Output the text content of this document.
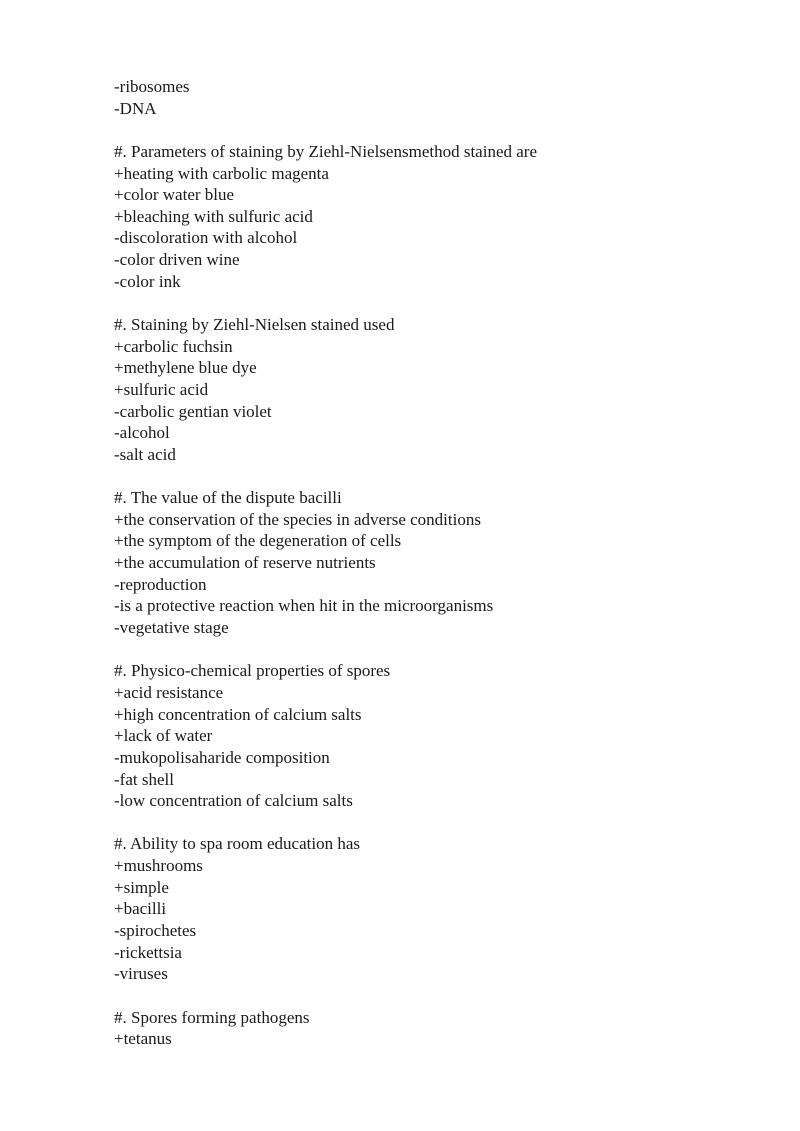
-ribosomes
-DNA
#. Parameters of staining by Ziehl-Nielsensmethod stained are
+heating with carbolic magenta
+color water blue
+bleaching with sulfuric acid
-discoloration with alcohol
-color driven wine
-color ink
#. Staining by Ziehl-Nielsen stained used
+carbolic fuchsin
+methylene blue dye
+sulfuric acid
-carbolic gentian violet
-alcohol
-salt acid
#. The value of the dispute bacilli
+the conservation of the species in adverse conditions
+the symptom of the degeneration of cells
+the accumulation of reserve nutrients
-reproduction
-is a protective reaction when hit in the microorganisms
-vegetative stage
#. Physico-chemical properties of spores
+acid resistance
+high concentration of calcium salts
+lack of water
-mukopolisaharide composition
-fat shell
-low concentration of calcium salts
#. Ability to spa room education has
+mushrooms
+simple
+bacilli
-spirochetes
-rickettsia
-viruses
#. Spores forming pathogens
+tetanus
